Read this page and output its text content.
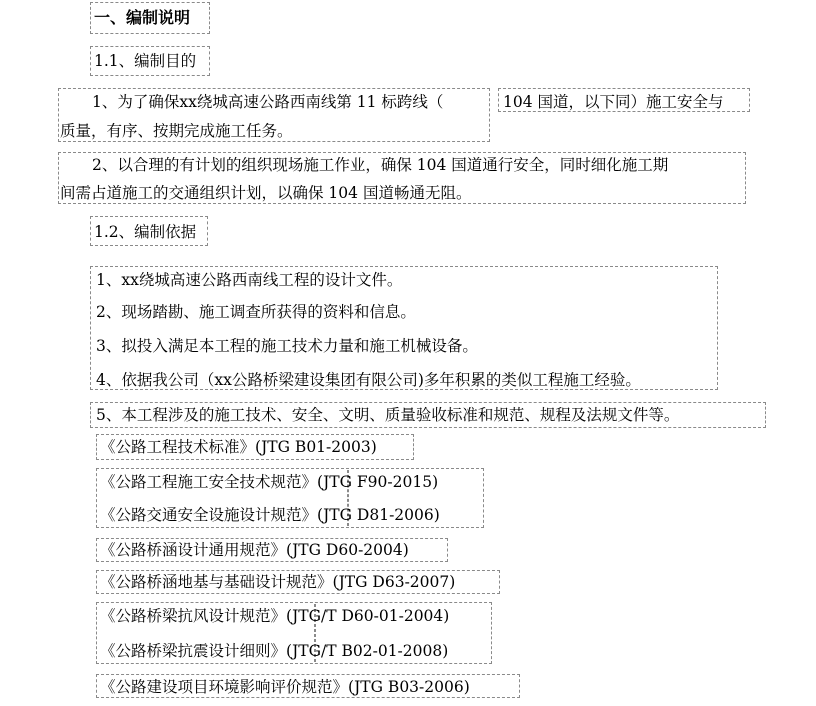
一、编制说明
1.1、编制目的
1、为了确保xx绕城高速公路西南线第 11 标跨线（	104 国道，以下同）施工安全与
质量，有序、按期完成施工任务。
2、以合理的有计划的组织现场施工作业，确保 104 国道通行安全，同时细化施工期
间需占道施工的交通组织计划，以确保 104 国道畅通无阻。
1.2、编制依据
1、xx绕城高速公路西南线工程的设计文件。
2、现场踏勘、施工调查所获得的资料和信息。
3、拟投入满足本工程的施工技术力量和施工机械设备。
4、依据我公司（xx公路桥梁建设集团有限公司)多年积累的类似工程施工经验。
5、本工程涉及的施工技术、安全、文明、质量验收标准和规范、规程及法规文件等。
《公路工程技术标准》(JTG B01-2003)
《公路工程施工安全技术规范》(JTG F90-2015)
《公路交通安全设施设计规范》(JTG D81-2006)
《公路桥涵设计通用规范》(JTG D60-2004)
《公路桥涵地基与基础设计规范》(JTG D63-2007)
《公路桥梁抗风设计规范》(JTG/T D60-01-2004)
《公路桥梁抗震设计细则》(JTG/T B02-01-2008)
《公路建设项目环境影响评价规范》(JTG B03-2006)
